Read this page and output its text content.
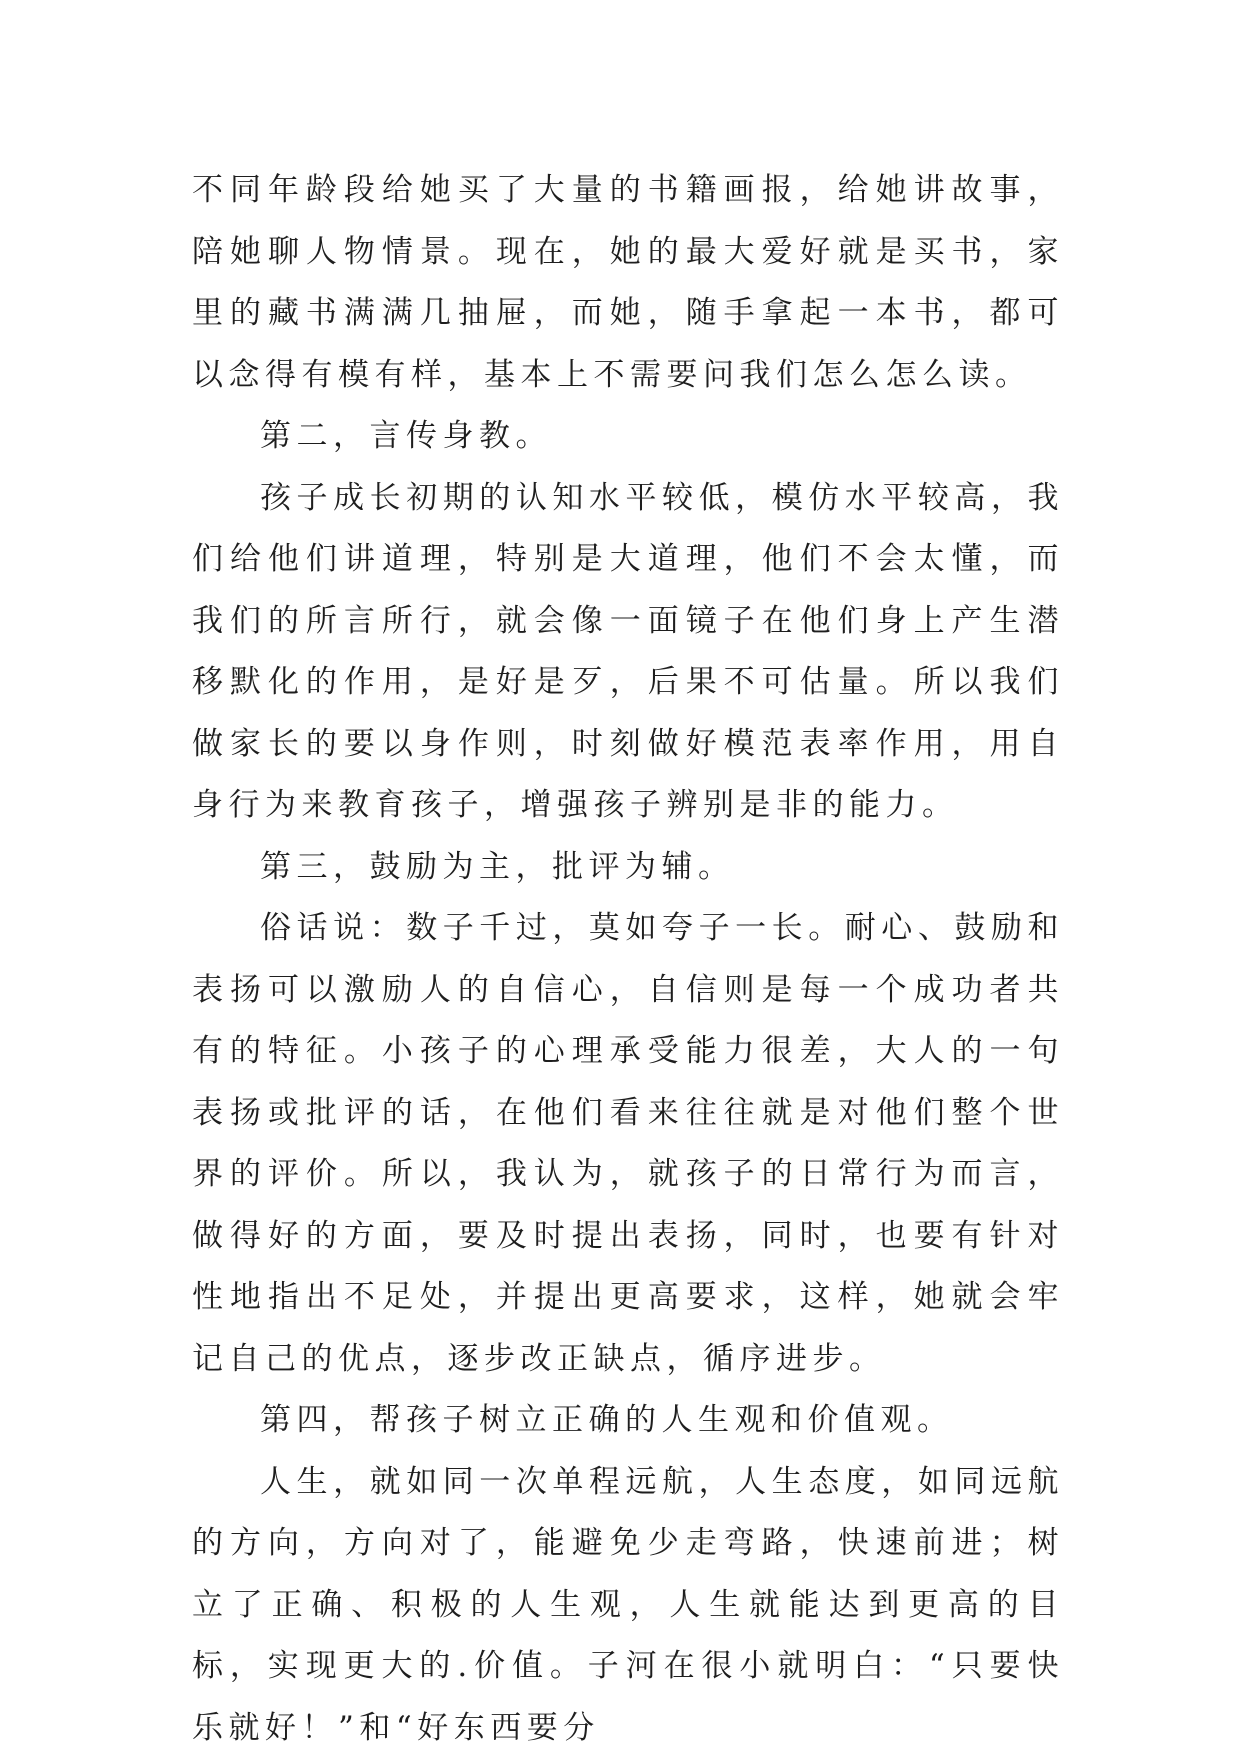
不同年龄段给她买了大量的书籍画报，给她讲故事，陪她聊人物情景。现在，她的最大爱好就是买书，家里的藏书满满几抽屉，而她，随手拿起一本书，都可以念得有模有样，基本上不需要问我们怎么怎么读。

第二，言传身教。

孩子成长初期的认知水平较低，模仿水平较高，我们给他们讲道理，特别是大道理，他们不会太懂，而我们的所言所行，就会像一面镜子在他们身上产生潜移默化的作用，是好是歹，后果不可估量。所以我们做家长的要以身作则，时刻做好模范表率作用，用自身行为来教育孩子，增强孩子辨别是非的能力。

第三，鼓励为主，批评为辅。

俗话说：数子千过，莫如夸子一长。耐心、鼓励和表扬可以激励人的自信心，自信则是每一个成功者共有的特征。小孩子的心理承受能力很差，大人的一句表扬或批评的话，在他们看来往往就是对他们整个世界的评价。所以，我认为，就孩子的日常行为而言，做得好的方面，要及时提出表扬，同时，也要有针对性地指出不足处，并提出更高要求，这样，她就会牢记自己的优点，逐步改正缺点，循序进步。

第四，帮孩子树立正确的人生观和价值观。

人生，就如同一次单程远航，人生态度，如同远航的方向，方向对了，能避免少走弯路，快速前进；树立了正确、积极的人生观，人生就能达到更高的目标，实现更大的.价值。子河在很小就明白：“只要快乐就好！”和“好东西要分
